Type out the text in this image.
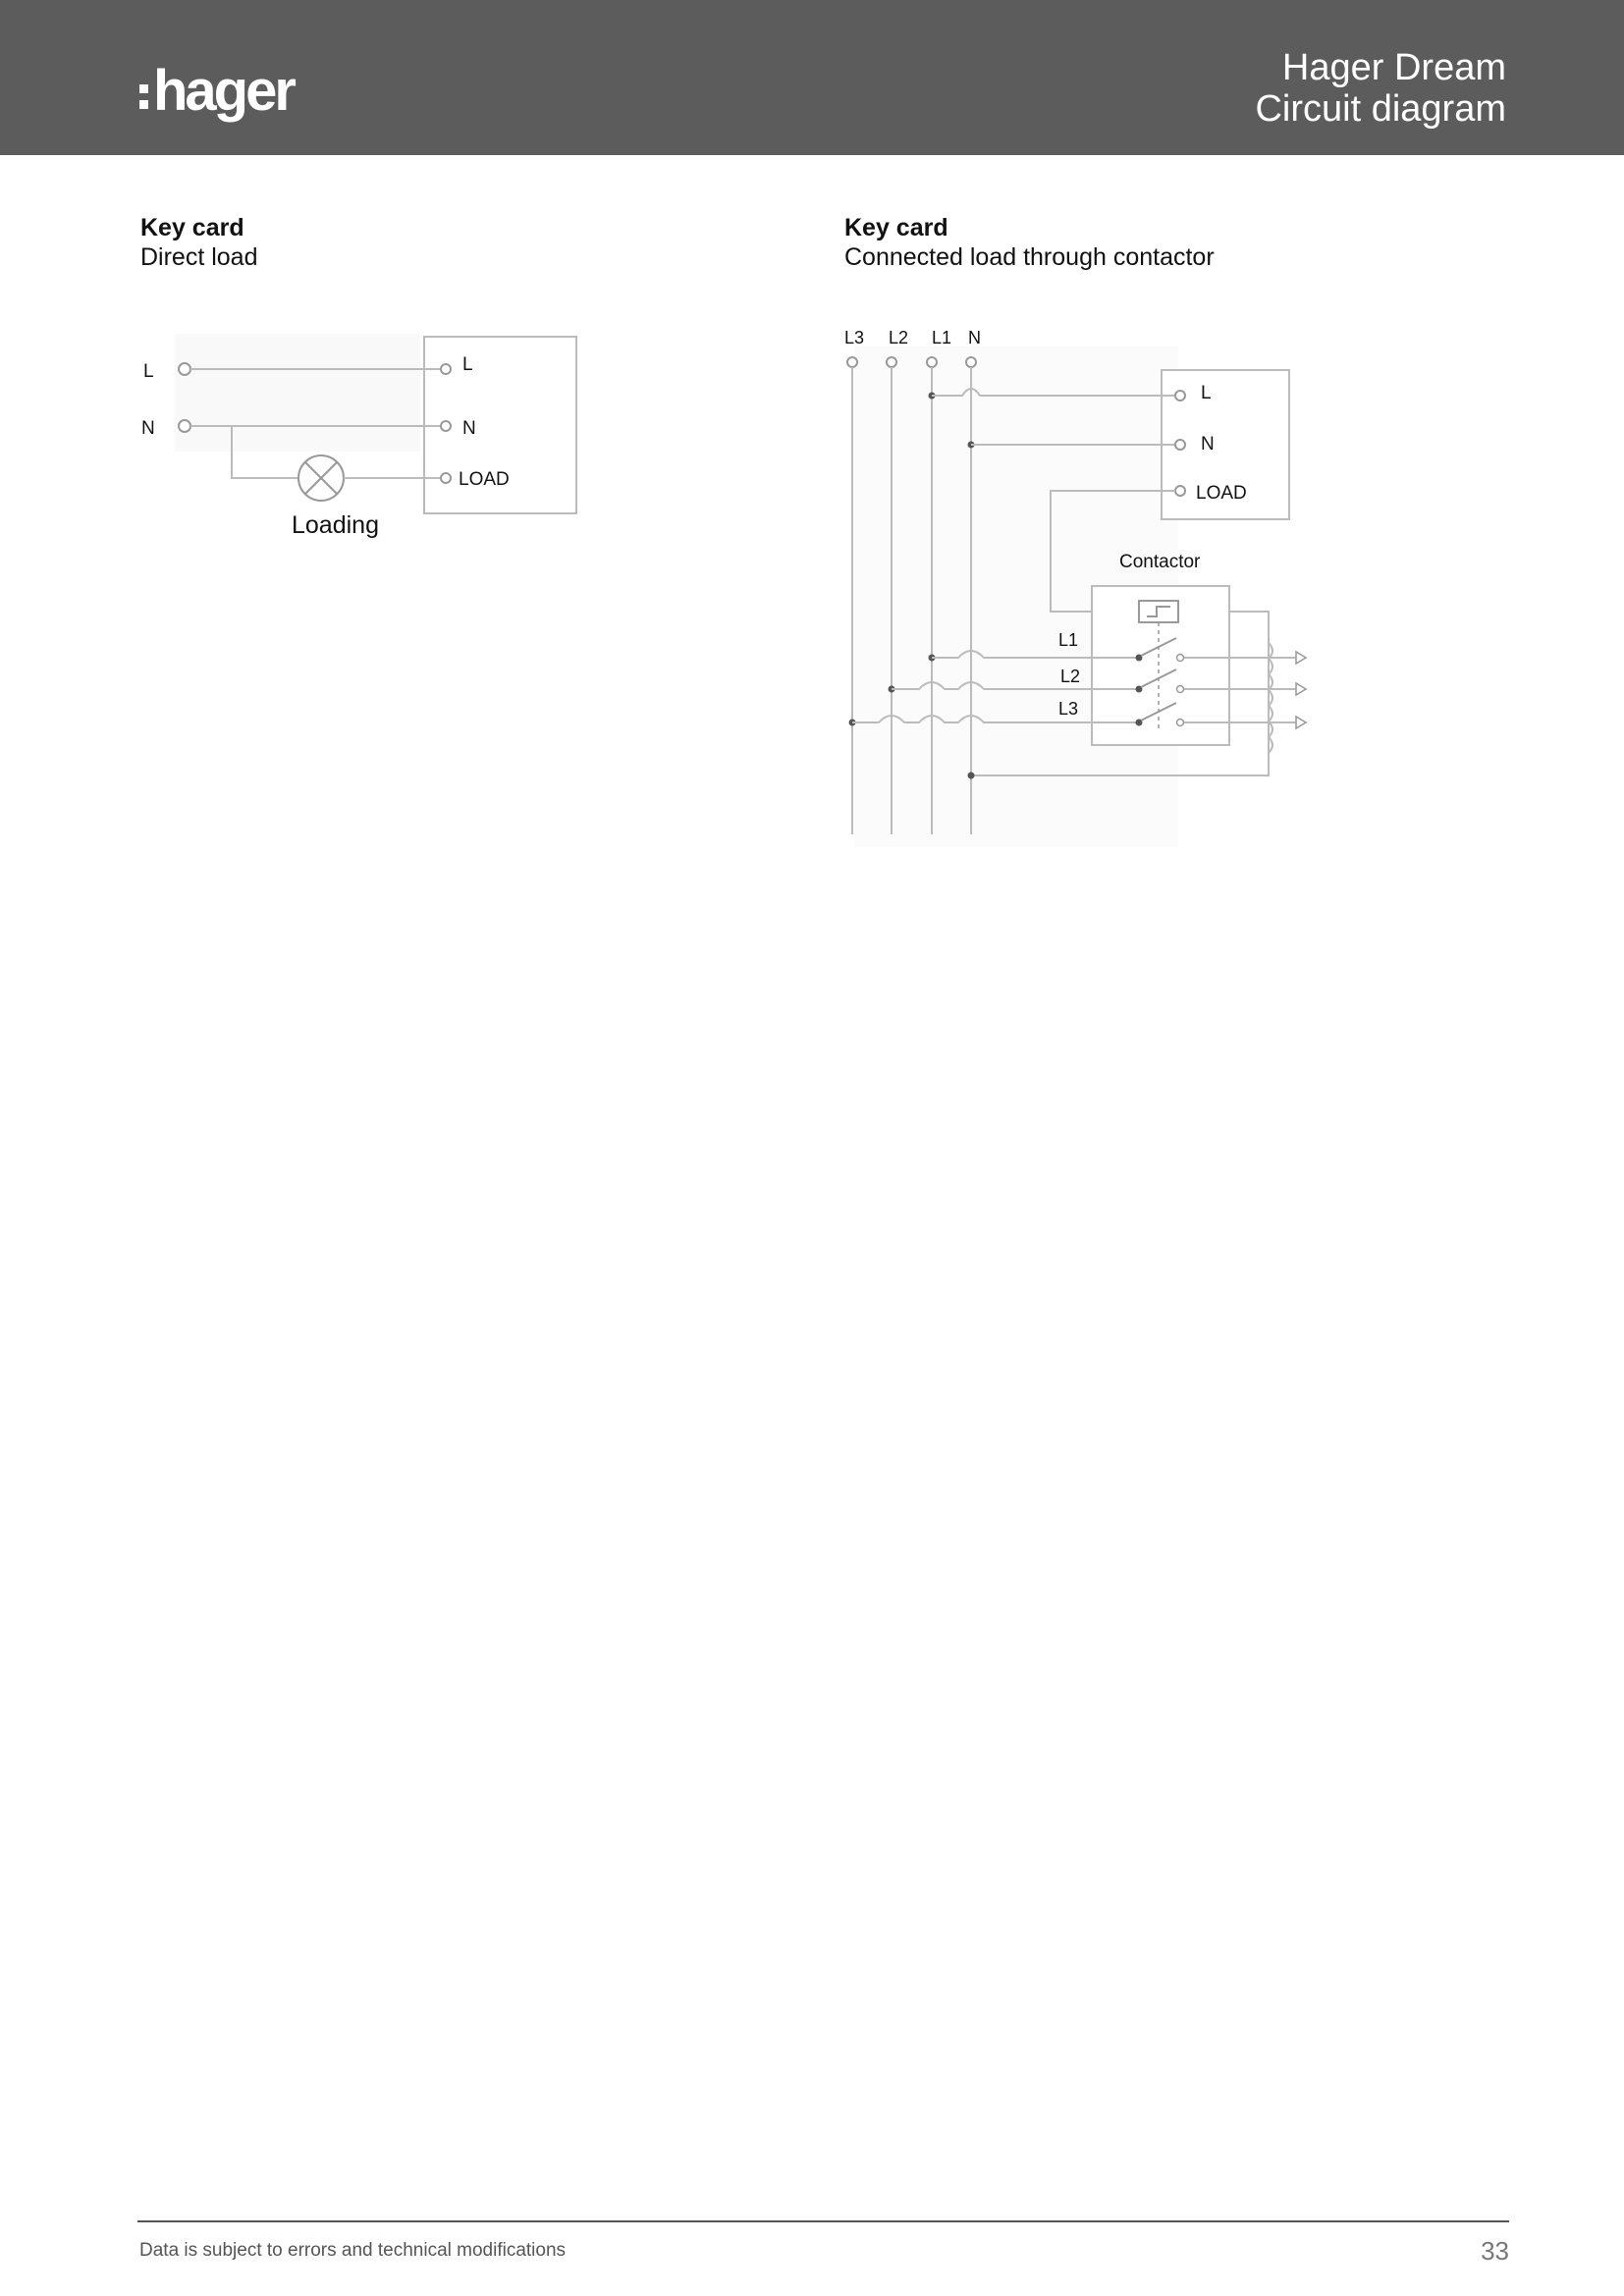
hager	Hager Dream
Circuit diagram
Key card
Direct load
Key card
Connected load through contactor
L
N
L
N
LOAD
Loading
L3 L2 L1 N
L
N
LOAD
Contactor
L1
L2
L3
Data is subject to errors and technical modifications	33
